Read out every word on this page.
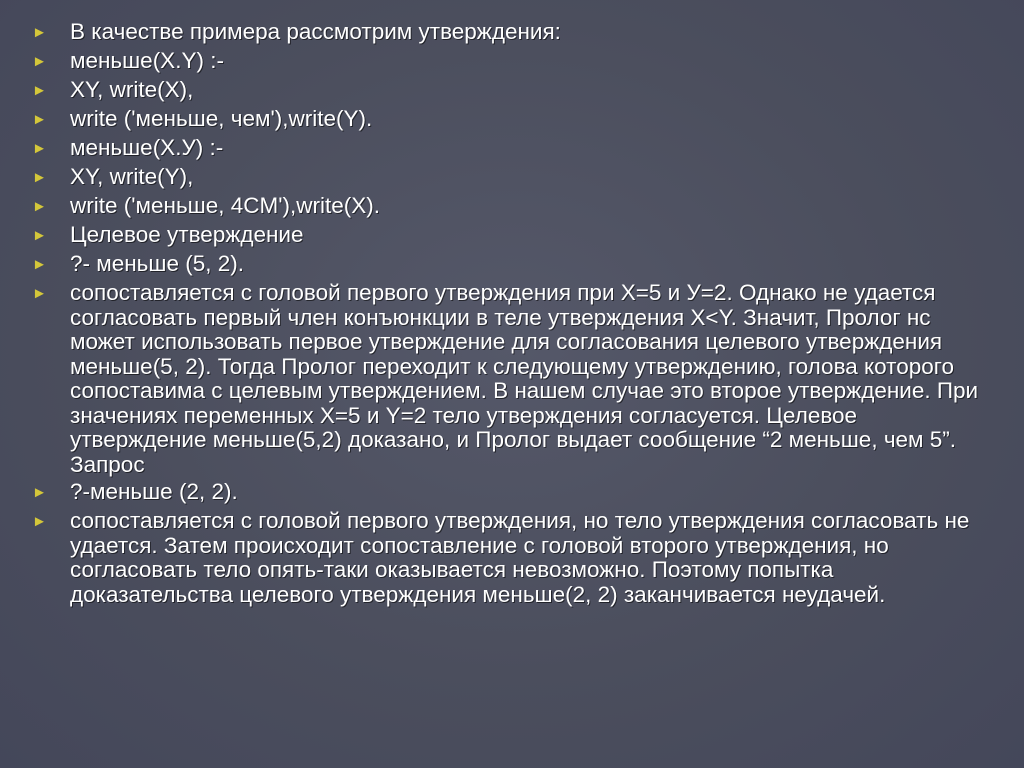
►	В качестве примера рассмотрим утверждения:
►	меньше(X.Y) :-
►	XY, write(X),
►	write ('меньше, чем'),write(Y).
►	меньше(Х.У) :-
►	XY, write(Y),
►	write ('меньше, 4CM'),write(X).
►	Целевое утверждение
►	?- меньше (5, 2).
►	сопоставляется с головой первого утверждения при Х=5 и У=2. Однако не удается согласовать первый член конъюнкции в теле утверждения X<Y. Значит, Пролог нс может использовать первое утверждение для согласования целевого утверждения меньше(5, 2). Тогда Пролог переходит к следующему утверждению, голова которого сопоставима с целевым утверждением. В нашем случае это второе утверждение. При значениях переменных Х=5 и Y=2 тело утверждения согласуется. Целевое утверждение меньше(5,2) доказано, и Пролог выдает сообщение “2 меньше, чем 5”. Запрос
►	?-меньше (2, 2).
►	сопоставляется с головой первого утверждения, но тело утверждения согласовать не удается. Затем происходит сопоставление с головой второго утверждения, но согласовать тело опять-таки оказывается невозможно. Поэтому попытка доказательства целевого утверждения меньше(2, 2) заканчивается неудачей.
